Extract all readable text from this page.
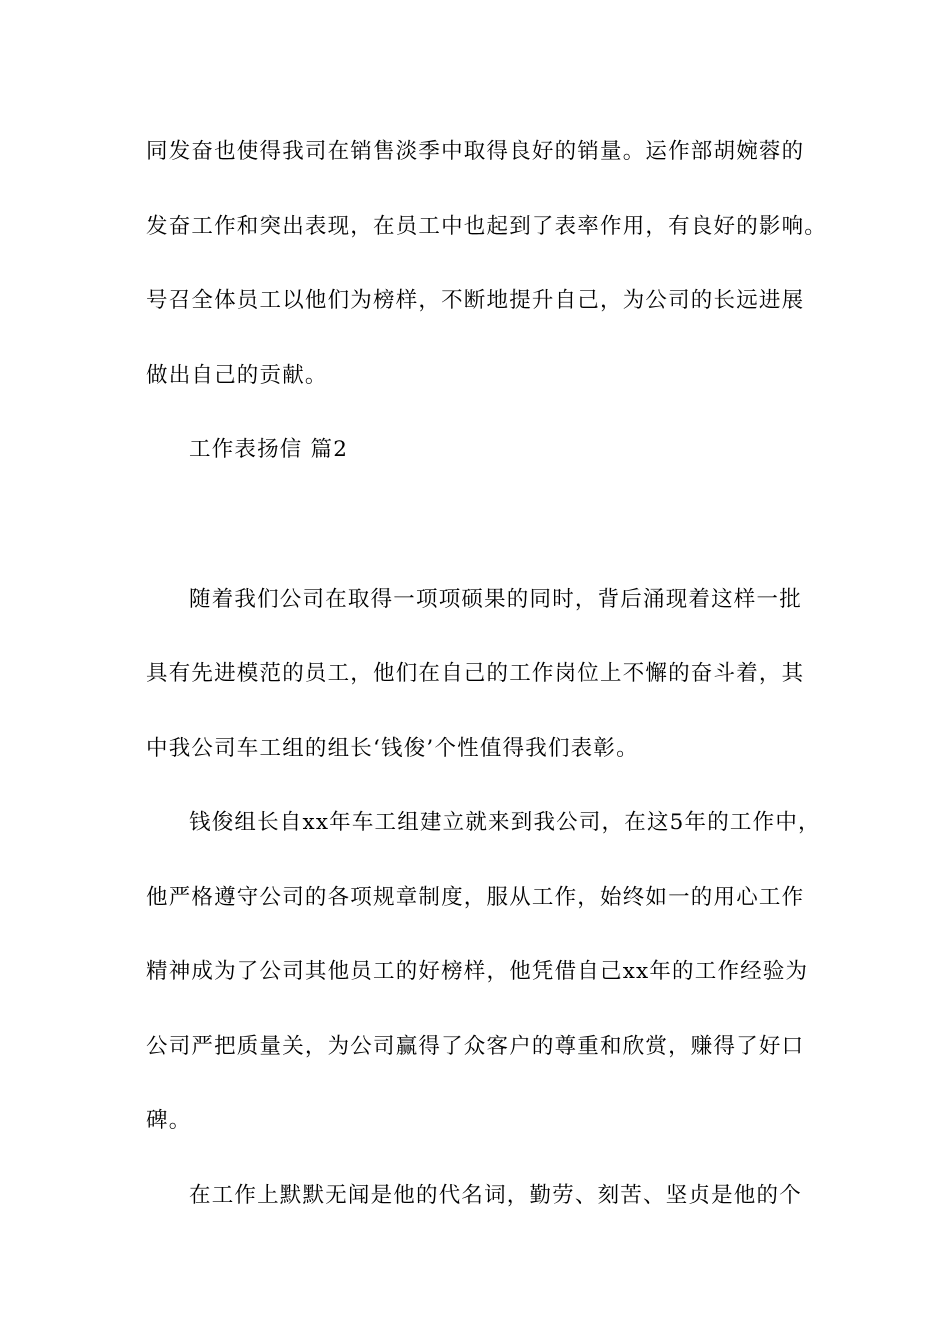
同发奋也使得我司在销售淡季中取得良好的销量。运作部胡婉蓉的
发奋工作和突出表现，在员工中也起到了表率作用，有良好的影响。
号召全体员工以他们为榜样，不断地提升自己，为公司的长远进展
做出自己的贡献。
工作表扬信 篇2
随着我们公司在取得一项项硕果的同时，背后涌现着这样一批
具有先进模范的员工，他们在自己的工作岗位上不懈的奋斗着，其
中我公司车工组的组长‘钱俊’个性值得我们表彰。
钱俊组长自xx年车工组建立就来到我公司，在这5年的工作中，
他严格遵守公司的各项规章制度，服从工作，始终如一的用心工作
精神成为了公司其他员工的好榜样，他凭借自己xx年的工作经验为
公司严把质量关，为公司赢得了众客户的尊重和欣赏，赚得了好口
碑。
在工作上默默无闻是他的代名词，勤劳、刻苦、坚贞是他的个
